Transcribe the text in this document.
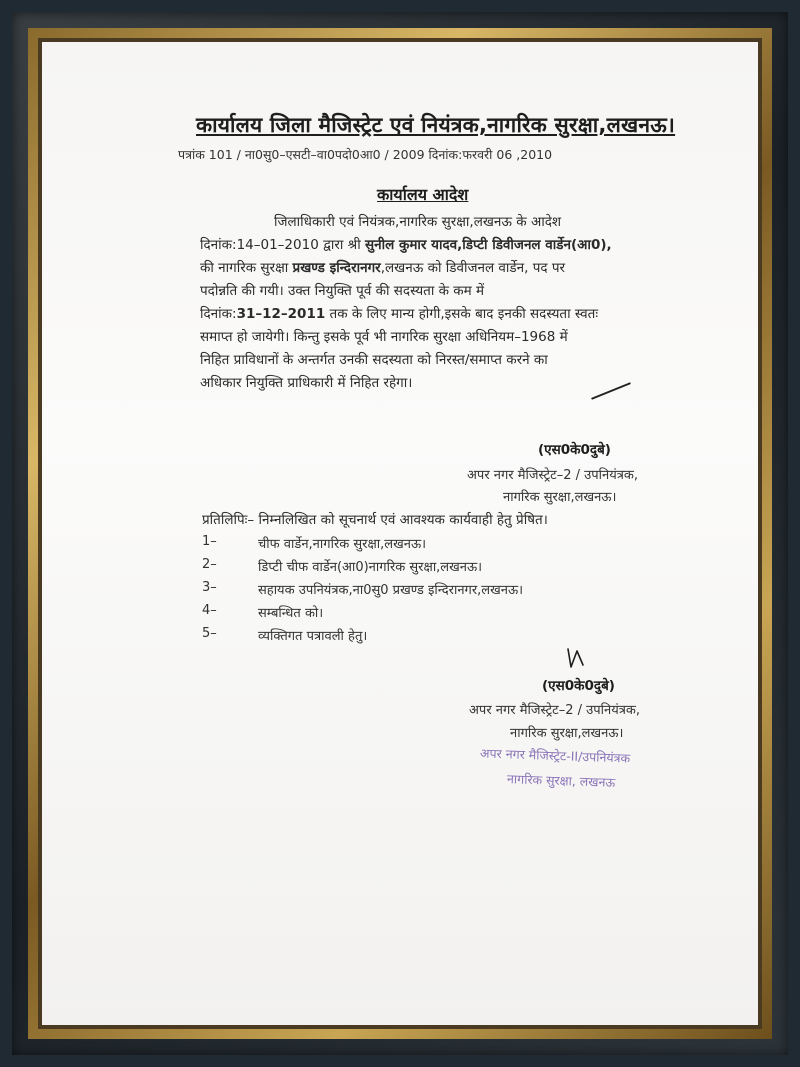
कार्यालय जिला मैजिस्ट्रेट एवं नियंत्रक,नागरिक सुरक्षा,लखनऊ।
पत्रांक 101 / ना0सु0–एसटी–वा0पदो0आ0 / 2009 दिनांक:फरवरी 06 ,2010
कार्यालय आदेश
जिलाधिकारी एवं नियंत्रक,नागरिक सुरक्षा,लखनऊ के आदेश
दिनांक:14–01–2010 द्वारा श्री सुनील कुमार यादव,डिप्टी डिवीजनल वार्डेन(आ0),
की नागरिक सुरक्षा प्रखण्ड इन्दिरानगर,लखनऊ को डिवीजनल वार्डेन, पद पर
पदोन्नति की गयी। उक्त नियुक्ति पूर्व की सदस्यता के कम में
दिनांक:31–12–2011 तक के लिए मान्य होगी,इसके बाद इनकी सदस्यता स्वतः
समाप्त हो जायेगी। किन्तु इसके पूर्व भी नागरिक सुरक्षा अधिनियम–1968 में
निहित प्राविधानों के अन्तर्गत उनकी सदस्यता को निरस्त/समाप्त करने का
अधिकार नियुक्ति प्राधिकारी में निहित रहेगा।
(एस0के0दुबे)
अपर नगर मैजिस्ट्रेट–2 / उपनियंत्रक,
नागरिक सुरक्षा,लखनऊ।
प्रतिलिपिः– निम्नलिखित को सूचनार्थ एवं आवश्यक कार्यवाही हेतु प्रेषित।
1–	चीफ वार्डेन,नागरिक सुरक्षा,लखनऊ।
2–	डिप्टी चीफ वार्डेन(आ0)नागरिक सुरक्षा,लखनऊ।
3–	सहायक उपनियंत्रक,ना0सु0 प्रखण्ड इन्दिरानगर,लखनऊ।
4–	सम्बन्धित को।
5–	व्यक्तिगत पत्रावली हेतु।
(एस0के0दुबे)
अपर नगर मैजिस्ट्रेट–2 / उपनियंत्रक,
नागरिक सुरक्षा,लखनऊ।
अपर नगर मैजिस्ट्रेट-II/उपनियंत्रक
नागरिक सुरक्षा, लखनऊ
